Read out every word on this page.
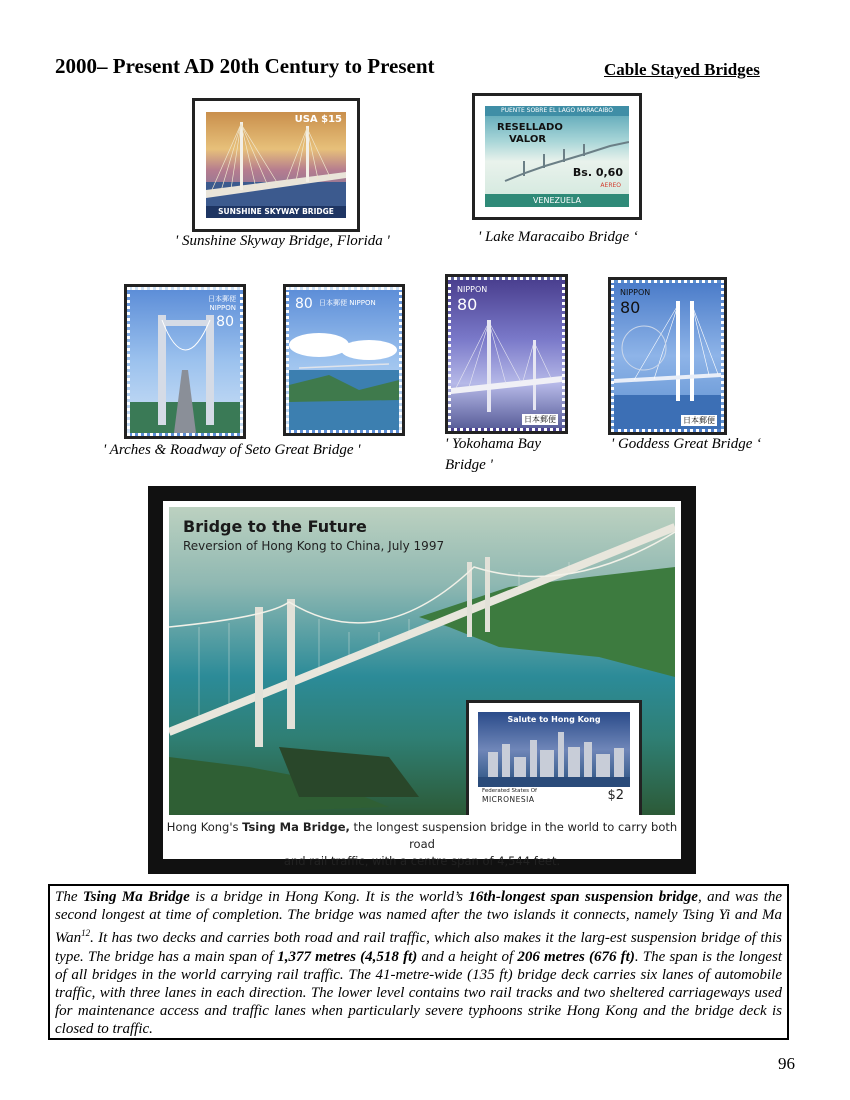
2000– Present AD 20th Century to Present	Cable Stayed Bridges
USA $15
SUNSHINE SKYWAY BRIDGE
' Sunshine Skyway Bridge, Florida '
PUENTE SOBRE EL LAGO MARACAIBO
RESELLADO
VALOR
Bs. 0,60
AEREO
VENEZUELA
' Lake Maracaibo Bridge ‘
日本郵便 NIPPON
80
80 日本郵便 NIPPON
' Arches & Roadway of Seto Great Bridge '
NIPPON
80
日本郵便
' Yokohama Bay
Bridge '
NIPPON
80
日本郵便
' Goddess Great Bridge ‘
Bridge to the Future
Reversion of Hong Kong to China, July 1997
Salute to Hong Kong
Federated States Of
MICRONESIA	$2
Hong Kong's Tsing Ma Bridge, the longest suspension bridge in the world to carry both road
and rail traffic, with a centre span of 4,544 feet.
The Tsing Ma Bridge is a bridge in Hong Kong. It is the world’s 16th-longest span suspension bridge, and was the second longest at time of completion. The bridge was named after the two islands it connects, namely Tsing Yi and Ma Wan$^{12}$. It has two decks and carries both road and rail traffic, which also makes it the larg-est suspension bridge of this type. The bridge has a main span of 1,377 metres (4,518 ft) and a height of 206 metres (676 ft). The span is the longest of all bridges in the world carrying rail traffic. The 41-metre-wide (135 ft) bridge deck carries six lanes of automobile traffic, with three lanes in each direction. The lower level contains two rail tracks and two sheltered carriageways used for maintenance access and traffic lanes when particularly severe typhoons strike Hong Kong and the bridge deck is closed to traffic.
96
